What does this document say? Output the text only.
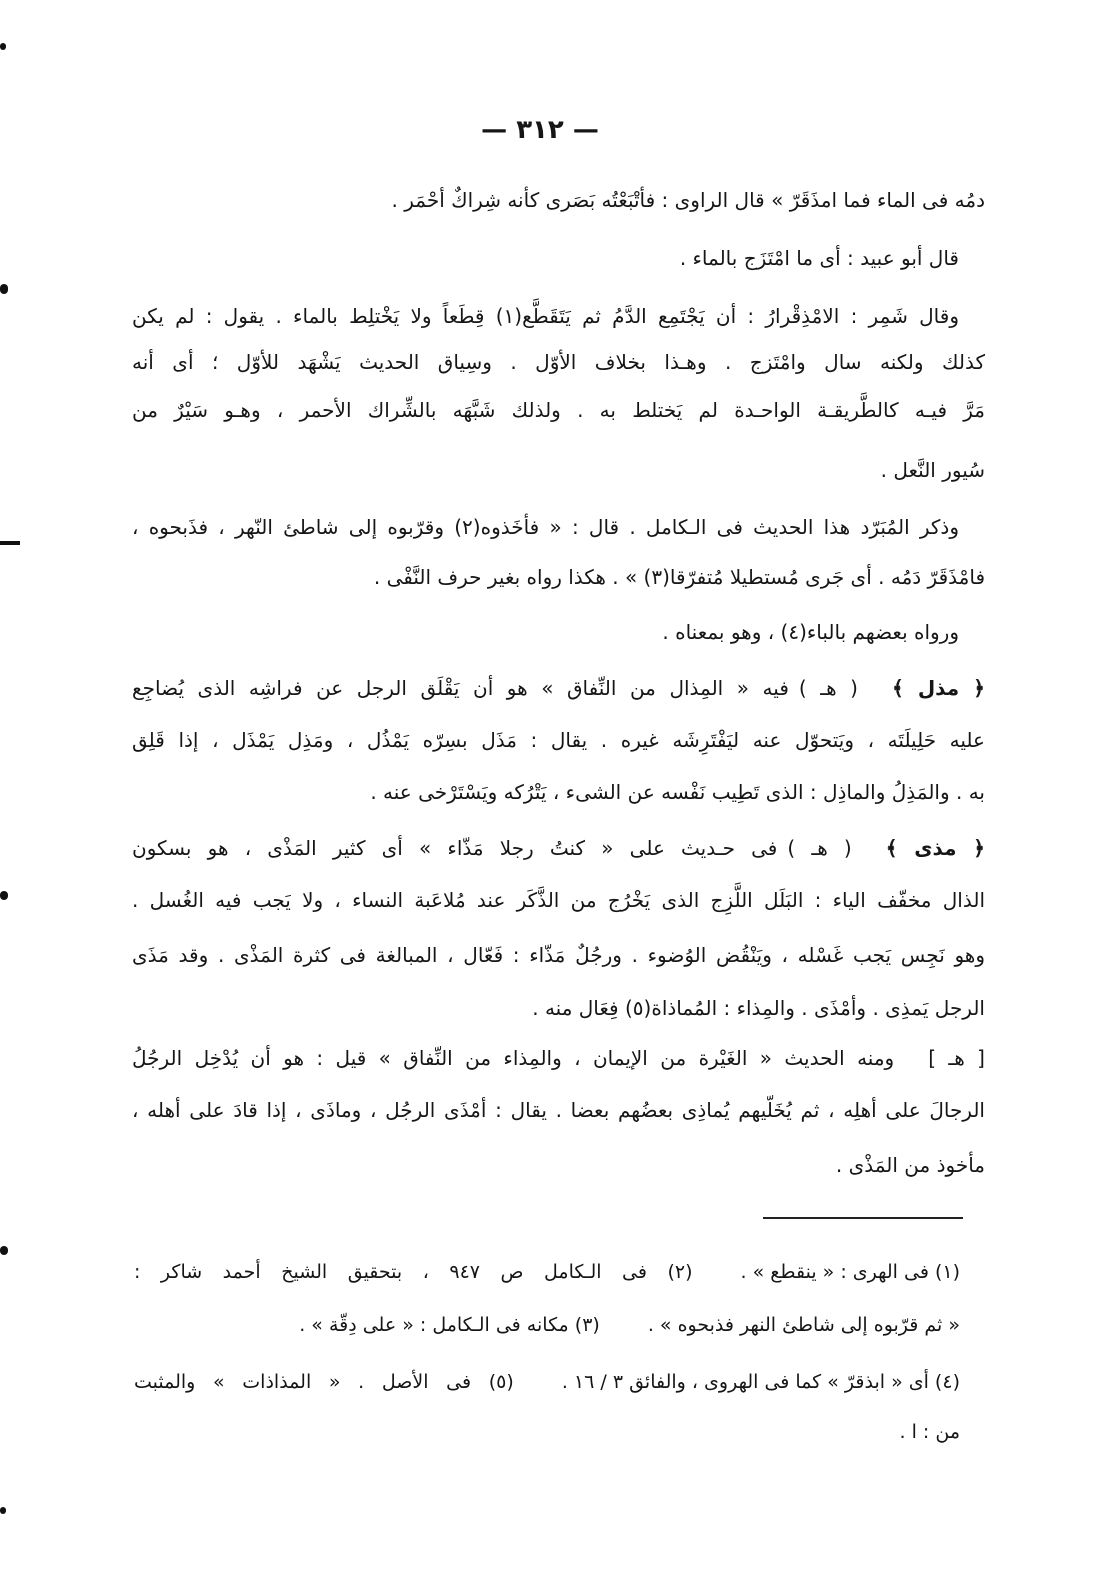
— ٣١٢ —
دمُه فى الماء فما امذَقَرّ » قال الراوى : فأتْبَعْتُه بَصَرى كأنه شِراكٌ أحْمَر .
قال أبو عبيد : أى ما امْتَزَج بالماء .
وقال شَمِر : الامْذِقْرارُ : أن يَجْتَمِع الدَّمُ ثم يَتَقَطَّع(١) قِطَعاً ولا يَخْتلِط بالماء . يقول : لم يكن
كذلك ولكنه سال وامْتَزج . وهـذا بخلاف الأوّل . وسِياق الحديث يَشْهَد للأوّل ؛ أى أنه
مَرَّ فيـه كالطَّريقـة الواحـدة لم يَختلط به . ولذلك شَبَّهَه بالشِّراك الأحمر ، وهـو سَيْرٌ من
سُيور النَّعل .
وذكر المُبَرّد هذا الحديث فى الـكامل . قال : « فأخَذوه(٢) وقرّبوه إلى شاطئ النّهر ، فذَبحوه ،
فامْذَقَرّ دَمُه . أى جَرى مُستطيلا مُتفرّقا(٣) » . هكذا رواه بغير حرف النَّفْى .
ورواه بعضهم بالباء(٤) ، وهو بمعناه .
﴿ مذل ﴾( هـ )فيه « المِذال من النِّفاق » هو أن يَقْلَق الرجل عن فراشِه الذى يُضاجِع
عليه حَلِيلَتَه ، ويَتحوّل عنه ليَفْتَرِشَه غيره . يقال : مَذَل بسِرّه يَمْذُل ، ومَذِل يَمْذَل ، إذا قَلِق
به . والمَذِلُ والماذِل : الذى تَطِيب نَفْسه عن الشىء ، يَتْرُكه ويَسْتَرْخى عنه .
﴿ مذى ﴾( هـ )فى حـديث على « كنتُ رجلا مَذّاء » أى كثير المَذْى ، هو بسكون
الذال مخفّف الياء : البَلَل اللَّزِج الذى يَخْرُج من الذَّكَر عند مُلاعَبة النساء ، ولا يَجب فيه الغُسل .
وهو نَجِس يَجب غَسْله ، ويَنْقُض الوُضوء . ورجُلٌ مَذّاء : فَعّال ، المبالغة فى كثرة المَذْى . وقد مَذَى
الرجل يَمذِى . وأمْذَى . والمِذاء : المُماذاة(٥) فِعَال منه .
[ هـ ]ومنه الحديث « الغَيْرة من الإيمان ، والمِذاء من النِّفاق » قيل : هو أن يُدْخِل الرجُلُ
الرجالَ على أهلِه ، ثم يُخَلّيهم يُماذِى بعضُهم بعضا . يقال : أمْذَى الرجُل ، وماذَى ، إذا قادَ على أهله ،
مأخوذ من المَذْى .
(١) فى الهرى : « ينقطع » .
(٢) فى الـكامل ص ٩٤٧ ، بتحقيق الشيخ أحمد شاكر :
« ثم قرّبوه إلى شاطئ النهر فذبحوه » .
(٣) مكانه فى الـكامل : « على دِقّة » .
(٤) أى « ابذقرّ » كما فى الهروى ، والفائق ٣ / ١٦ .
(٥) فى الأصل . « المذاذات » والمثبت
من : ا .
